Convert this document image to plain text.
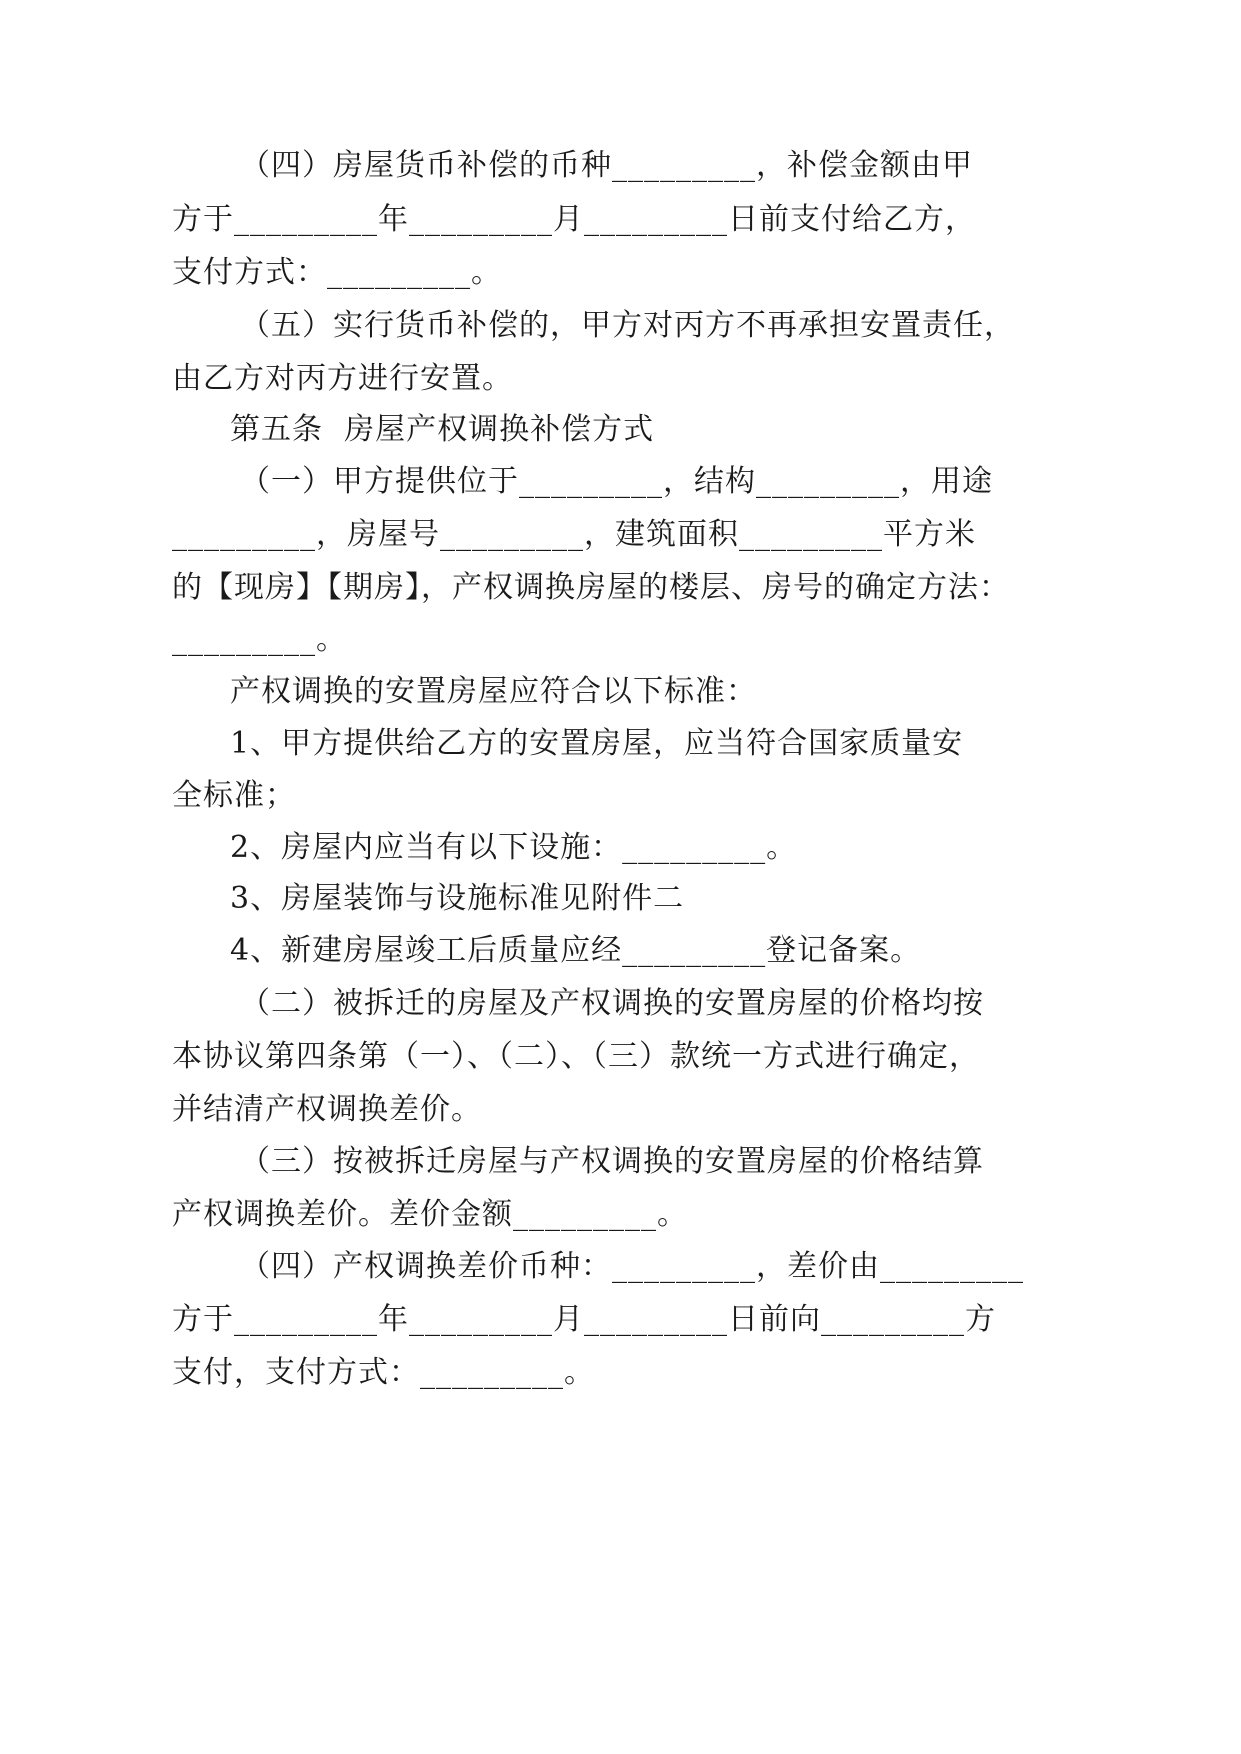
（四）房屋货币补偿的币种_________，补偿金额由甲
方于_________年_________月_________日前支付给乙方，
支付方式：_________。
（五）实行货币补偿的，甲方对丙方不再承担安置责任，
由乙方对丙方进行安置。
第五条  房屋产权调换补偿方式
（一）甲方提供位于_________，结构_________，用途
_________，房屋号_________，建筑面积_________平方米
的【现房】【期房】，产权调换房屋的楼层、房号的确定方法：
_________。
产权调换的安置房屋应符合以下标准：
1、甲方提供给乙方的安置房屋，应当符合国家质量安
全标准；
2、房屋内应当有以下设施：_________。
3、房屋装饰与设施标准见附件二
4、新建房屋竣工后质量应经_________登记备案。
（二）被拆迁的房屋及产权调换的安置房屋的价格均按
本协议第四条第（一）、（二）、（三）款统一方式进行确定，
并结清产权调换差价。
（三）按被拆迁房屋与产权调换的安置房屋的价格结算
产权调换差价。差价金额_________。
（四）产权调换差价币种：_________，差价由_________
方于_________年_________月_________日前向_________方
支付，支付方式：_________。
